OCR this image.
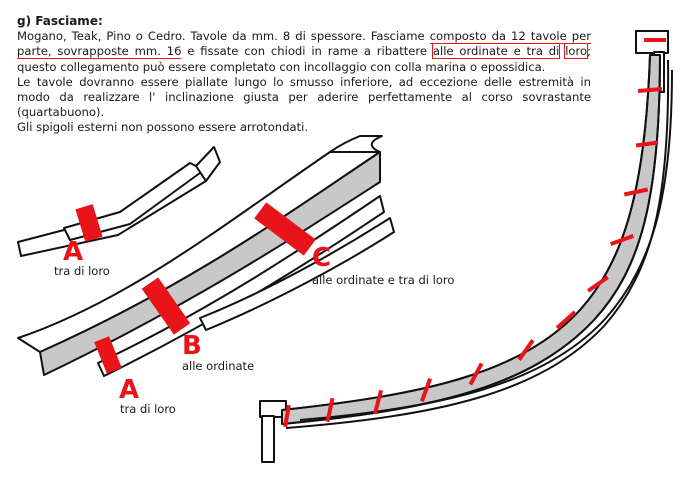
g) Fasciame:

Mogano, Teak, Pino o Cedro. Tavole da mm. 8 di spessore. Fasciame composto da 12 tavole per parte, sovrapposte mm. 16 e fissate con chiodi in rame a ribattere alle ordinate e tra di loro; questo collegamento può essere completato con incollaggio con colla marina o epossidica.

Le tavole dovranno essere piallate lungo lo smusso inferiore, ad eccezione delle estremità in modo da realizzare l' inclinazione giusta per aderire perfettamente al corso sovrastante (quartabuono).

Gli spigoli esterni non possono essere arrotondati.

A
tra di loro	C
alle ordinate e tra di loro
B
alle ordinate
A
tra di loro
